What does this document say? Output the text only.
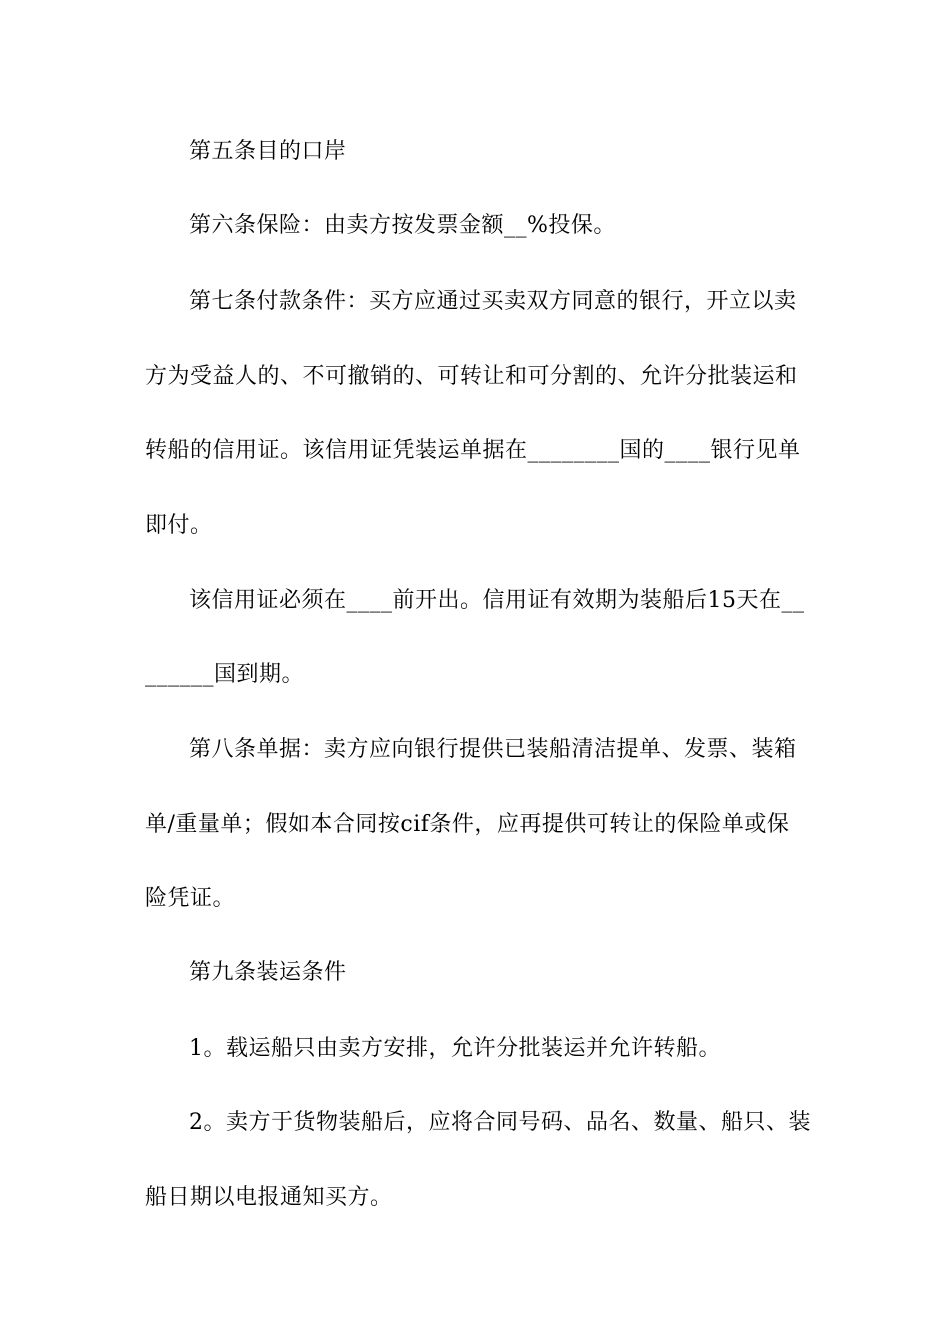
第五条目的口岸
第六条保险：由卖方按发票金额__%投保。
第七条付款条件：买方应通过买卖双方同意的银行，开立以卖
方为受益人的、不可撤销的、可转让和可分割的、允许分批装运和
转船的信用证。该信用证凭装运单据在________国的____银行见单
即付。
该信用证必须在____前开出。信用证有效期为装船后15天在__
______国到期。
第八条单据：卖方应向银行提供已装船清洁提单、发票、装箱
单/重量单；假如本合同按cif条件，应再提供可转让的保险单或保
险凭证。
第九条装运条件
1。载运船只由卖方安排，允许分批装运并允许转船。
2。卖方于货物装船后，应将合同号码、品名、数量、船只、装
船日期以电报通知买方。
